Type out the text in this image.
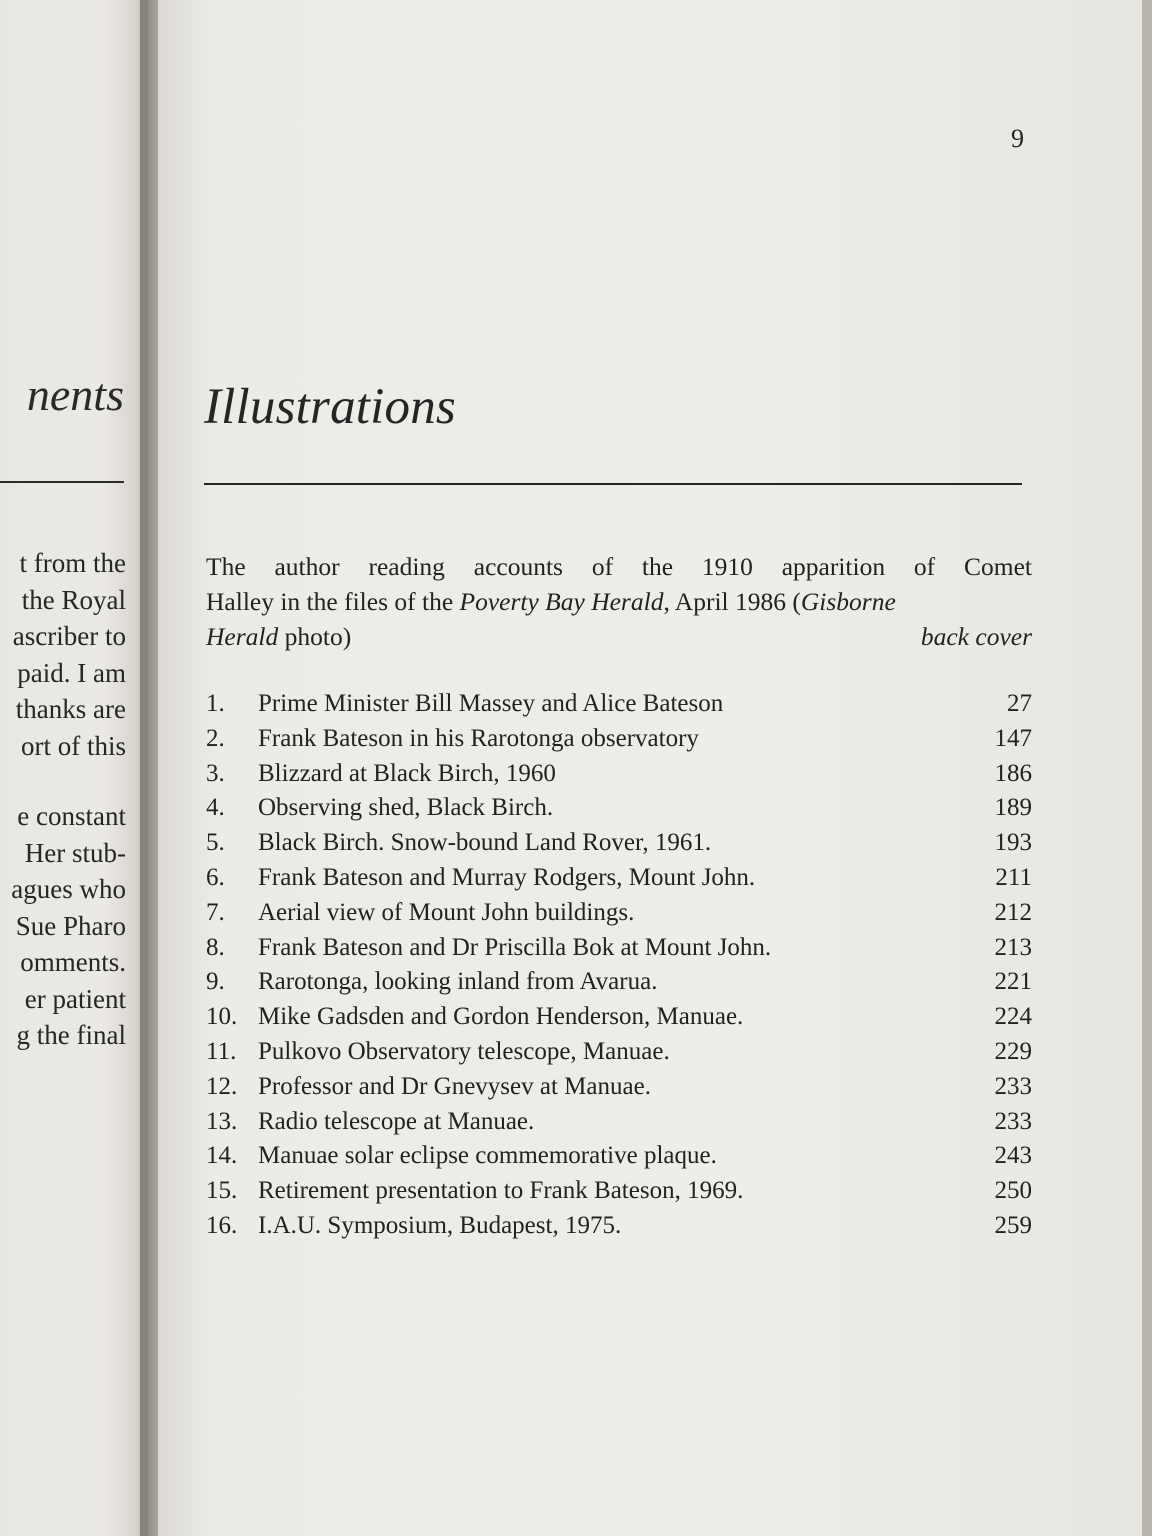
nents
t from the
the Royal
ascriber to
paid. I am
thanks are
ort of this
e constant
Her stub-
agues who
Sue Pharo
omments.
er patient
g the final
9
Illustrations
The author reading accounts of the 1910 apparition of Comet
Halley in the files of the Poverty Bay Herald, April 1986 (Gisborne
Herald photo)	back cover
1.	Prime Minister Bill Massey and Alice Bateson	27
2.	Frank Bateson in his Rarotonga observatory	147
3.	Blizzard at Black Birch, 1960	186
4.	Observing shed, Black Birch.	189
5.	Black Birch. Snow-bound Land Rover, 1961.	193
6.	Frank Bateson and Murray Rodgers, Mount John.	211
7.	Aerial view of Mount John buildings.	212
8.	Frank Bateson and Dr Priscilla Bok at Mount John.	213
9.	Rarotonga, looking inland from Avarua.	221
10. Mike Gadsden and Gordon Henderson, Manuae.	224
11. Pulkovo Observatory telescope, Manuae.	229
12. Professor and Dr Gnevysev at Manuae.	233
13. Radio telescope at Manuae.	233
14. Manuae solar eclipse commemorative plaque.	243
15. Retirement presentation to Frank Bateson, 1969.	250
16. I.A.U. Symposium, Budapest, 1975.	259
